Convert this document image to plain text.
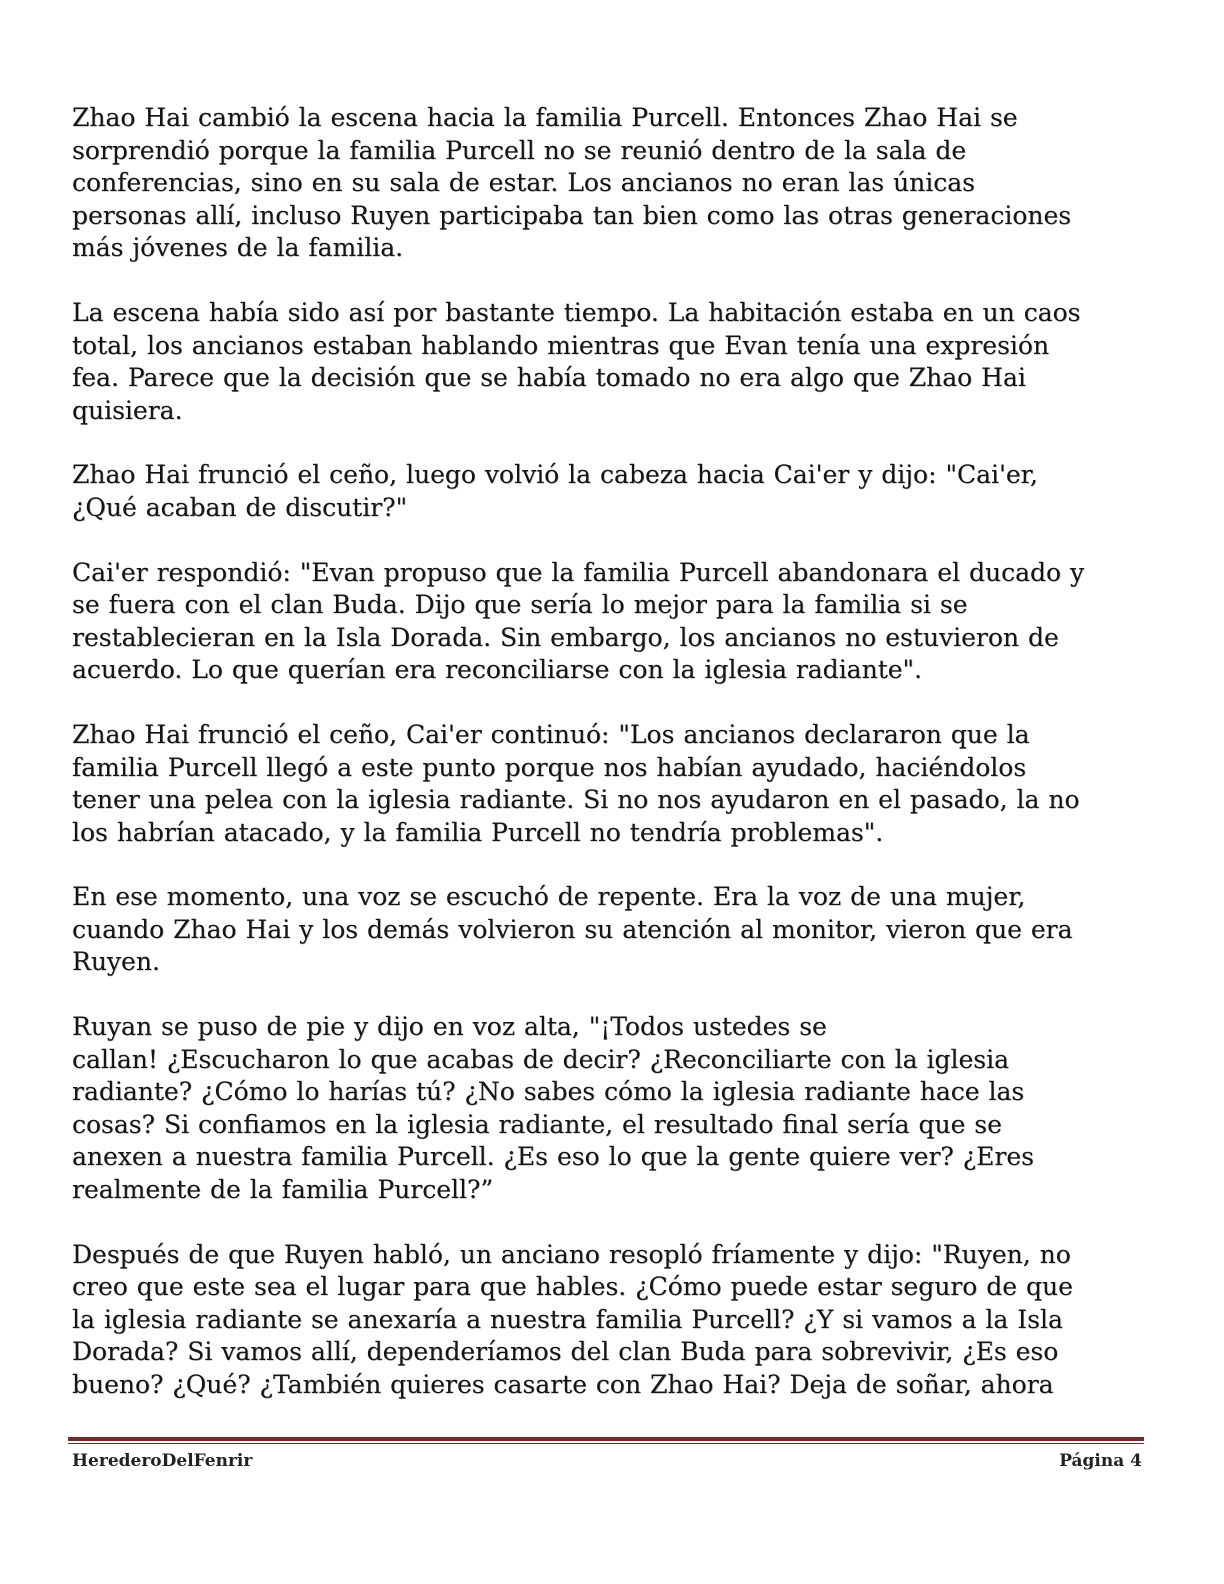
Zhao Hai cambió la escena hacia la familia Purcell. Entonces Zhao Hai se
sorprendió porque la familia Purcell no se reunió dentro de la sala de
conferencias, sino en su sala de estar. Los ancianos no eran las únicas
personas allí, incluso Ruyen participaba tan bien como las otras generaciones
más jóvenes de la familia.

La escena había sido así por bastante tiempo. La habitación estaba en un caos
total, los ancianos estaban hablando mientras que Evan tenía una expresión
fea. Parece que la decisión que se había tomado no era algo que Zhao Hai
quisiera.

Zhao Hai frunció el ceño, luego volvió la cabeza hacia Cai'er y dijo: "Cai'er,
¿Qué acaban de discutir?"

Cai'er respondió: "Evan propuso que la familia Purcell abandonara el ducado y
se fuera con el clan Buda. Dijo que sería lo mejor para la familia si se
restablecieran en la Isla Dorada. Sin embargo, los ancianos no estuvieron de
acuerdo. Lo que querían era reconciliarse con la iglesia radiante".

Zhao Hai frunció el ceño, Cai'er continuó: "Los ancianos declararon que la
familia Purcell llegó a este punto porque nos habían ayudado, haciéndolos
tener una pelea con la iglesia radiante. Si no nos ayudaron en el pasado, la no
los habrían atacado, y la familia Purcell no tendría problemas".

En ese momento, una voz se escuchó de repente. Era la voz de una mujer,
cuando Zhao Hai y los demás volvieron su atención al monitor, vieron que era
Ruyen.

Ruyan se puso de pie y dijo en voz alta, "¡Todos ustedes se
callan! ¿Escucharon lo que acabas de decir? ¿Reconciliarte con la iglesia
radiante? ¿Cómo lo harías tú? ¿No sabes cómo la iglesia radiante hace las
cosas? Si confiamos en la iglesia radiante, el resultado final sería que se
anexen a nuestra familia Purcell. ¿Es eso lo que la gente quiere ver? ¿Eres
realmente de la familia Purcell?”

Después de que Ruyen habló, un anciano resopló fríamente y dijo: "Ruyen, no
creo que este sea el lugar para que hables. ¿Cómo puede estar seguro de que
la iglesia radiante se anexaría a nuestra familia Purcell? ¿Y si vamos a la Isla
Dorada? Si vamos allí, dependeríamos del clan Buda para sobrevivir, ¿Es eso
bueno? ¿Qué? ¿También quieres casarte con Zhao Hai? Deja de soñar, ahora

HerederoDelFenrir	Página 4
